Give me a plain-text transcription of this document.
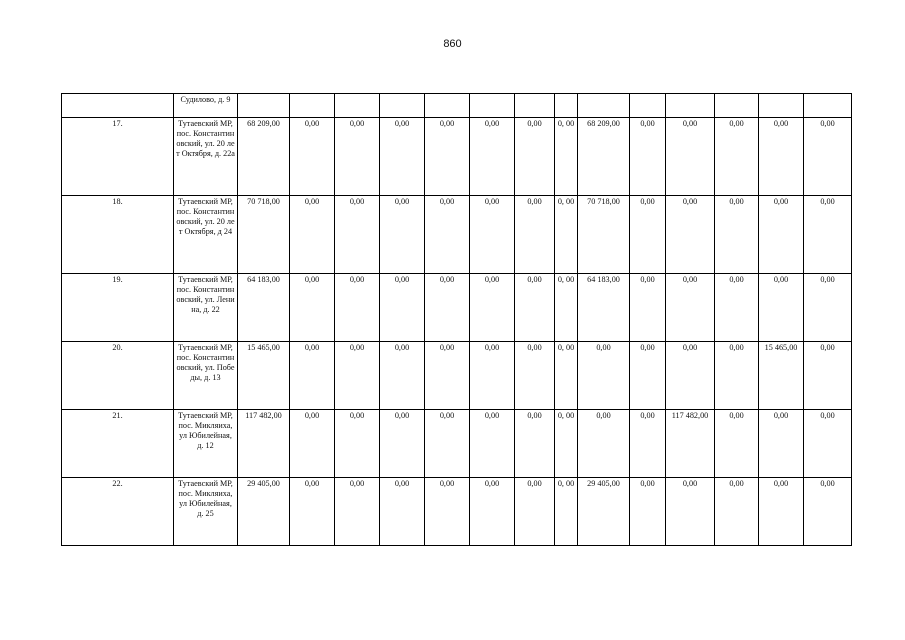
860
	Судилово, д. 9														
17.	Тутаевский МР, пос. Константиновский, ул. 20 лет Октября, д. 22а	68 209,00	0,00	0,00	0,00	0,00	0,00	0,00	0, 00	68 209,00	0,00	0,00	0,00	0,00	0,00
18.	Тутаевский МР, пос. Константиновский, ул. 20 лет Октября, д 24	70 718,00	0,00	0,00	0,00	0,00	0,00	0,00	0, 00	70 718,00	0,00	0,00	0,00	0,00	0,00
19.	Тутаевский МР, пос. Константиновский, ул. Ленина, д. 22	64 183,00	0,00	0,00	0,00	0,00	0,00	0,00	0, 00	64 183,00	0,00	0,00	0,00	0,00	0,00
20.	Тутаевский МР, пос. Константиновский, ул. Победы, д. 13	15 465,00	0,00	0,00	0,00	0,00	0,00	0,00	0, 00	0,00	0,00	0,00	0,00	15 465,00	0,00
21.	Тутаевский МР, пос. Микляиха, ул Юбилейная, д. 12	117 482,00	0,00	0,00	0,00	0,00	0,00	0,00	0, 00	0,00	0,00	117 482,00	0,00	0,00	0,00
22.	Тутаевский МР, пос. Микляиха, ул Юбилейная, д. 25	29 405,00	0,00	0,00	0,00	0,00	0,00	0,00	0, 00	29 405,00	0,00	0,00	0,00	0,00	0,00
